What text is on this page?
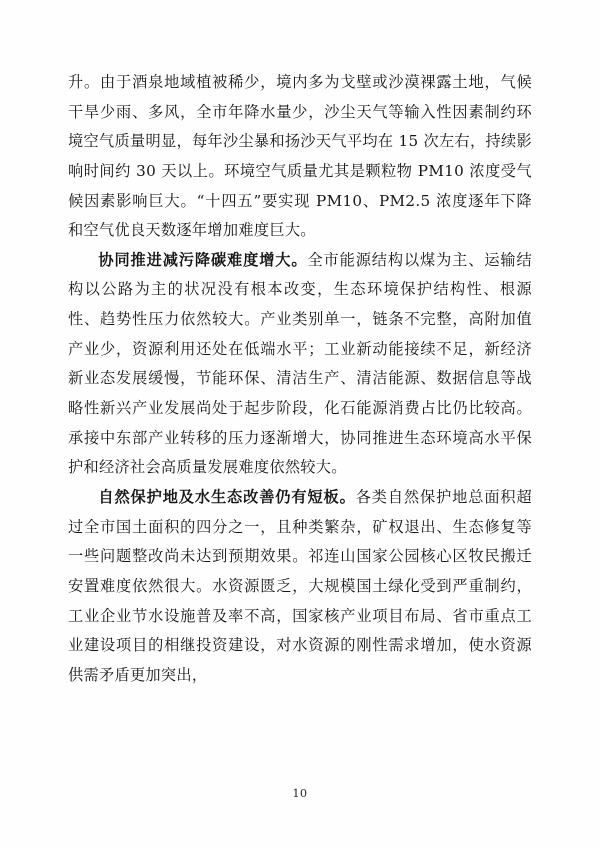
升。由于酒泉地域植被稀少，境内多为戈壁或沙漠裸露土地，气候干旱少雨、多风，全市年降水量少，沙尘天气等输入性因素制约环境空气质量明显，每年沙尘暴和扬沙天气平均在 15 次左右，持续影响时间约 30 天以上。环境空气质量尤其是颗粒物 PM10 浓度受气候因素影响巨大。“十四五”要实现 PM10、PM2.5 浓度逐年下降和空气优良天数逐年增加难度巨大。

协同推进减污降碳难度增大。全市能源结构以煤为主、运输结构以公路为主的状况没有根本改变，生态环境保护结构性、根源性、趋势性压力依然较大。产业类别单一，链条不完整，高附加值产业少，资源利用还处在低端水平；工业新动能接续不足，新经济新业态发展缓慢，节能环保、清洁生产、清洁能源、数据信息等战略性新兴产业发展尚处于起步阶段，化石能源消费占比仍比较高。承接中东部产业转移的压力逐渐增大，协同推进生态环境高水平保护和经济社会高质量发展难度依然较大。

自然保护地及水生态改善仍有短板。各类自然保护地总面积超过全市国土面积的四分之一，且种类繁杂，矿权退出、生态修复等一些问题整改尚未达到预期效果。祁连山国家公园核心区牧民搬迁安置难度依然很大。水资源匮乏，大规模国土绿化受到严重制约，工业企业节水设施普及率不高，国家核产业项目布局、省市重点工业建设项目的相继投资建设，对水资源的刚性需求增加，使水资源供需矛盾更加突出，

10
